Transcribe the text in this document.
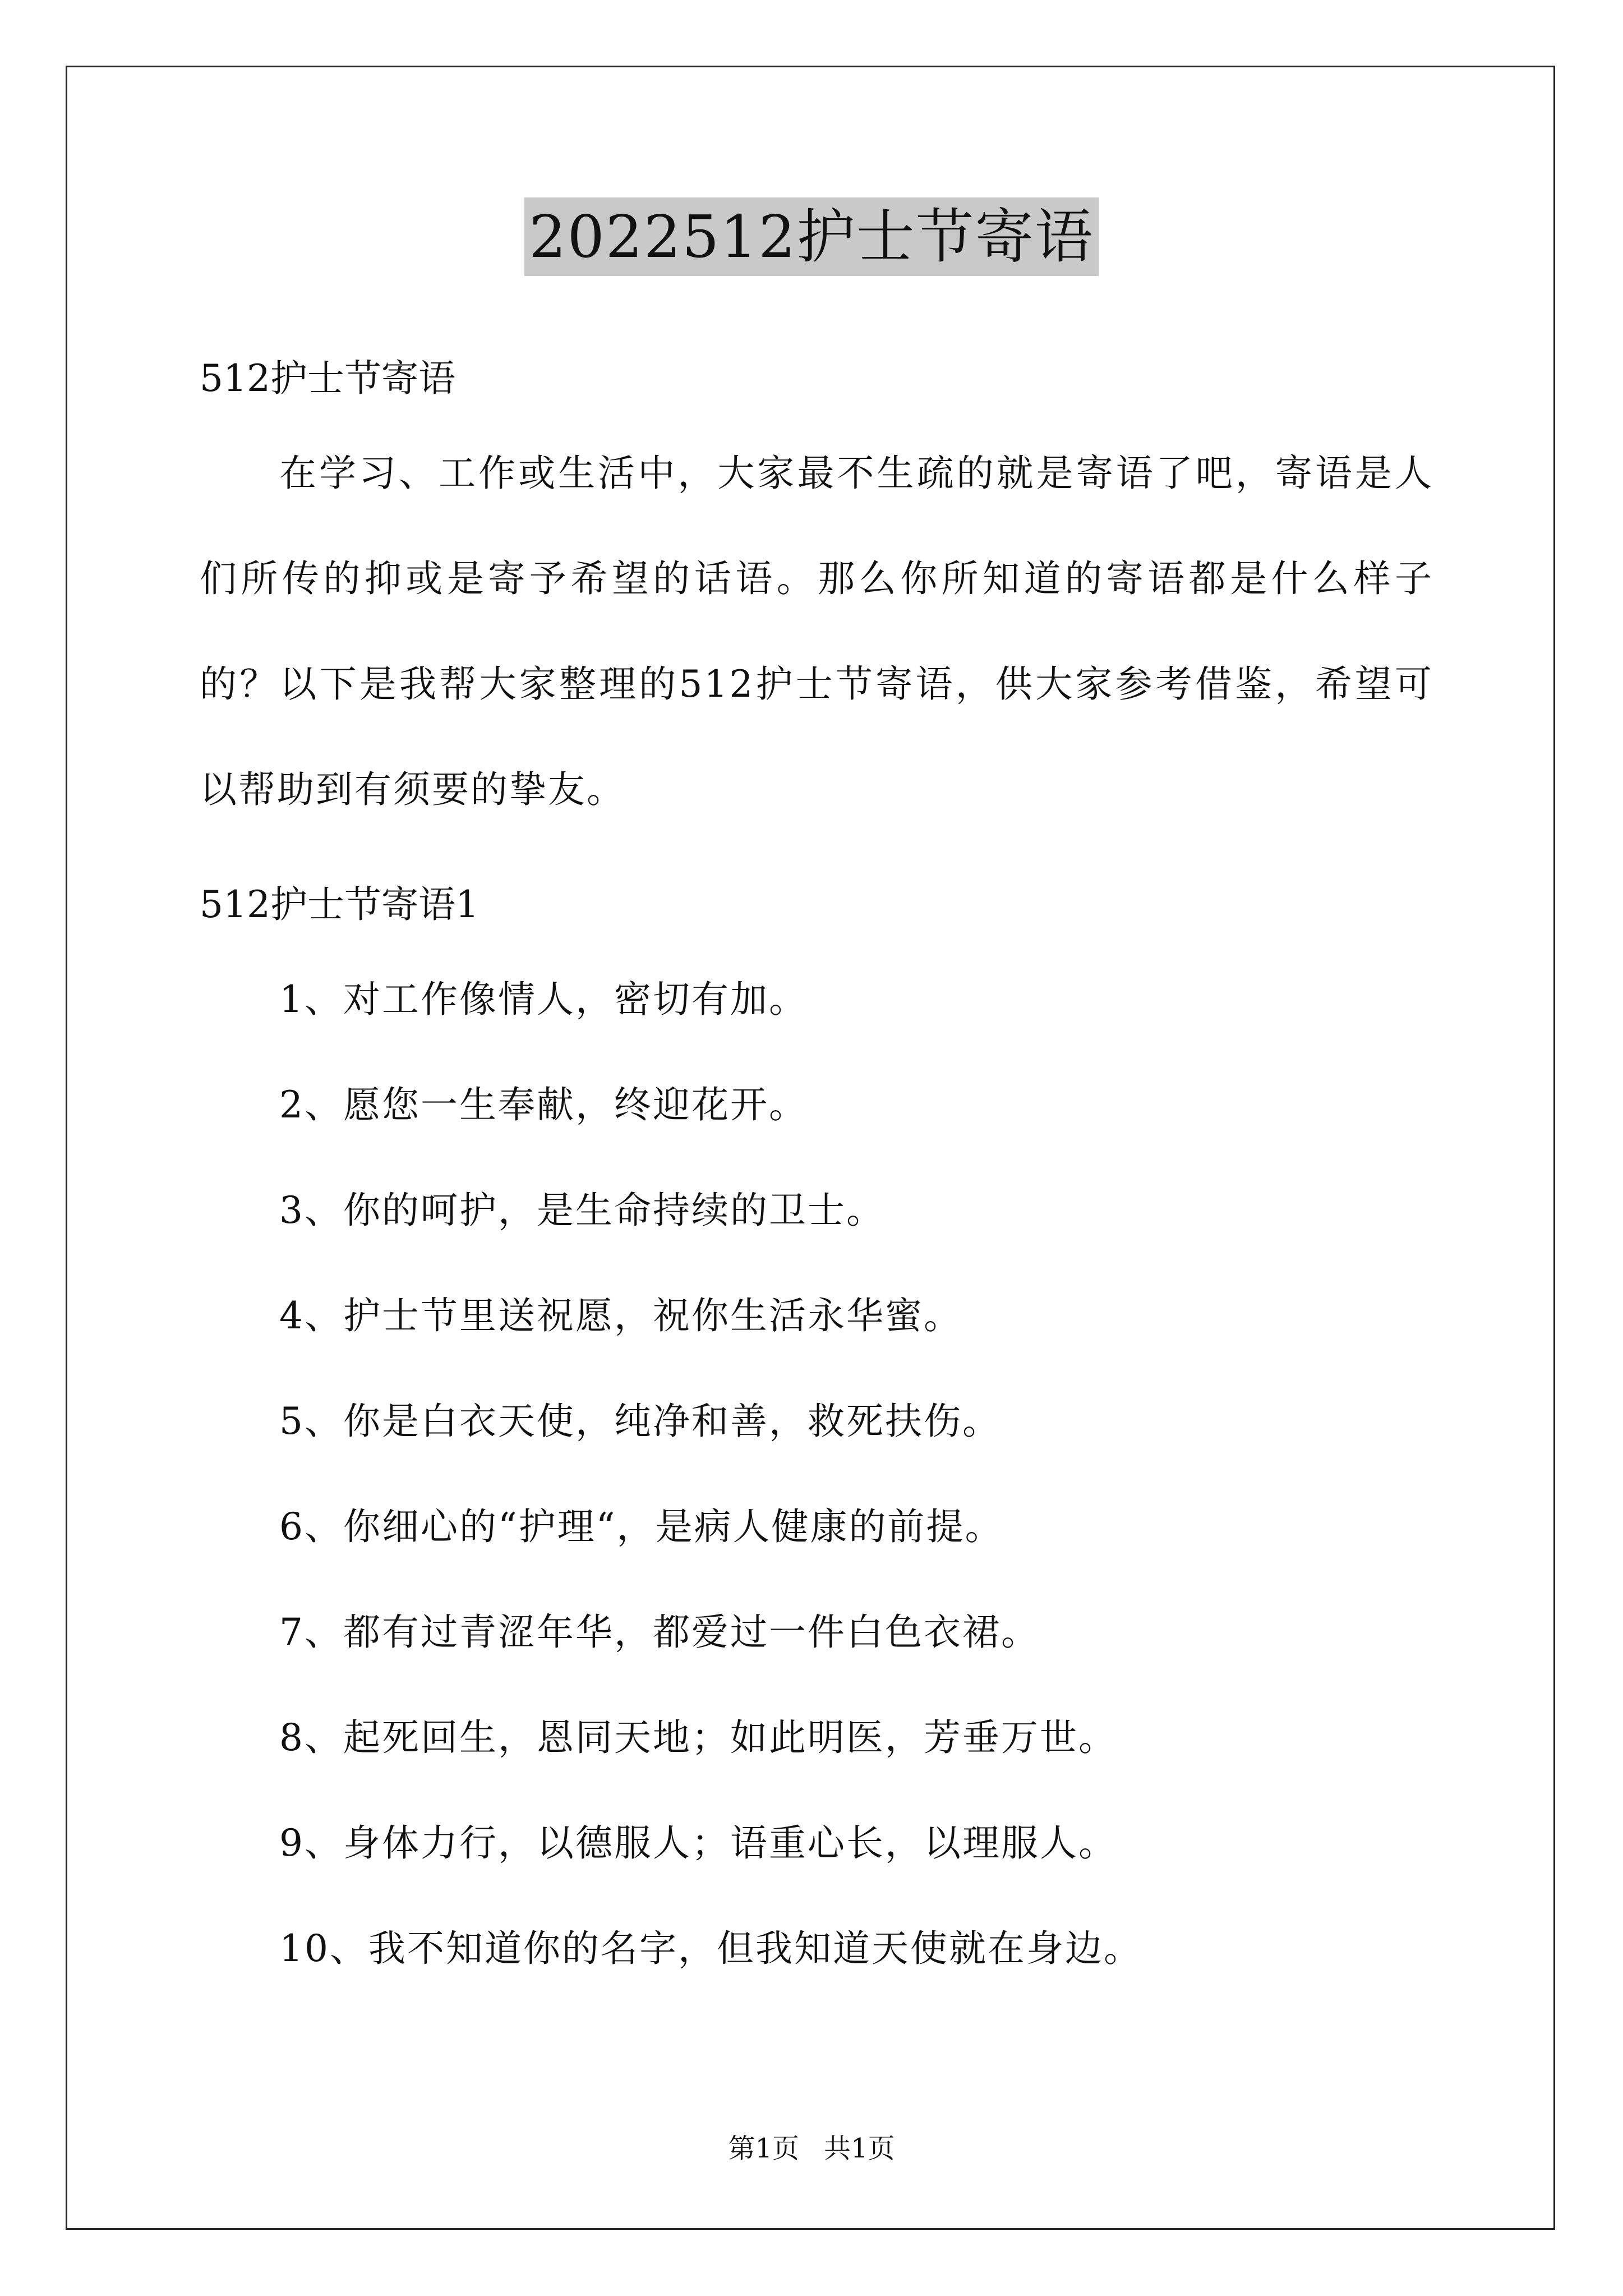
2022512护士节寄语

512护士节寄语

在学习、工作或生活中，大家最不生疏的就是寄语了吧，寄语是人们所传的抑或是寄予希望的话语。那么你所知道的寄语都是什么样子的？以下是我帮大家整理的512护士节寄语，供大家参考借鉴，希望可以帮助到有须要的挚友。

512护士节寄语1

1、对工作像情人，密切有加。
2、愿您一生奉献，终迎花开。
3、你的呵护，是生命持续的卫士。
4、护士节里送祝愿，祝你生活永华蜜。
5、你是白衣天使，纯净和善，救死扶伤。
6、你细心的“护理“，是病人健康的前提。
7、都有过青涩年华，都爱过一件白色衣裙。
8、起死回生，恩同天地；如此明医，芳垂万世。
9、身体力行，以德服人；语重心长，以理服人。
10、我不知道你的名字，但我知道天使就在身边。
第1页 共1页
